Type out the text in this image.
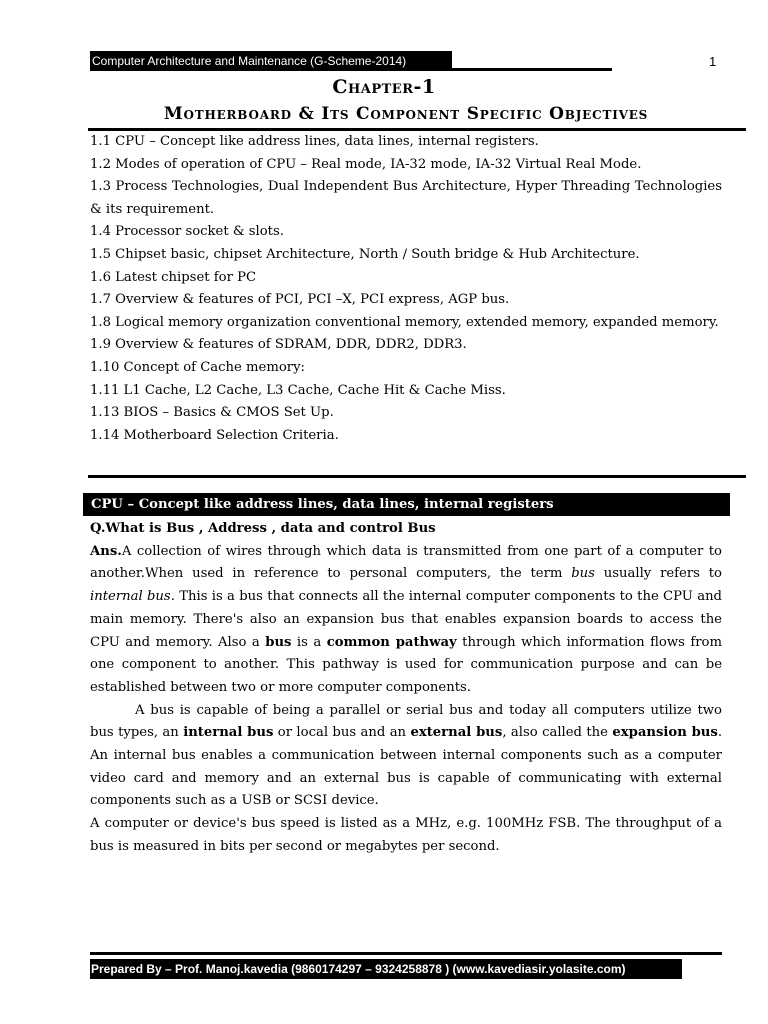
Computer Architecture and Maintenance (G-Scheme-2014)	1
Chapter-1
Motherboard & Its Component Specific Objectives
1.1 CPU – Concept like address lines, data lines, internal registers.
1.2 Modes of operation of CPU – Real mode, IA-32 mode, IA-32 Virtual Real Mode.
1.3 Process Technologies, Dual Independent Bus Architecture, Hyper Threading Technologies & its requirement.
1.4 Processor socket & slots.
1.5 Chipset basic, chipset Architecture, North / South bridge & Hub Architecture.
1.6 Latest chipset for PC
1.7 Overview & features of PCI, PCI –X, PCI express, AGP bus.
1.8 Logical memory organization conventional memory, extended memory, expanded memory.
1.9 Overview & features of SDRAM, DDR, DDR2, DDR3.
1.10 Concept of Cache memory:
1.11 L1 Cache, L2 Cache, L3 Cache, Cache Hit & Cache Miss.
1.13 BIOS – Basics & CMOS Set Up.
1.14 Motherboard Selection Criteria.
CPU – Concept like address lines, data lines, internal registers

Q.What is Bus , Address , data and control Bus

Ans.A collection of wires through which data is transmitted from one part of a computer to another.When used in reference to personal computers, the term bus usually refers to internal bus. This is a bus that connects all the internal computer components to the CPU and main memory. There's also an expansion bus that enables expansion boards to access the CPU and memory. Also a bus is a common pathway through which information flows from one component to another. This pathway is used for communication purpose and can be established between two or more computer components.

A bus is capable of being a parallel or serial bus and today all computers utilize two bus types, an internal bus or local bus and an external bus, also called the expansion bus. An internal bus enables a communication between internal components such as a computer video card and memory and an external bus is capable of communicating with external components such as a USB or SCSI device.

A computer or device's bus speed is listed as a MHz, e.g. 100MHz FSB. The throughput of a bus is measured in bits per second or megabytes per second.

Prepared By – Prof. Manoj.kavedia (9860174297 – 9324258878 ) (www.kavediasir.yolasite.com)
